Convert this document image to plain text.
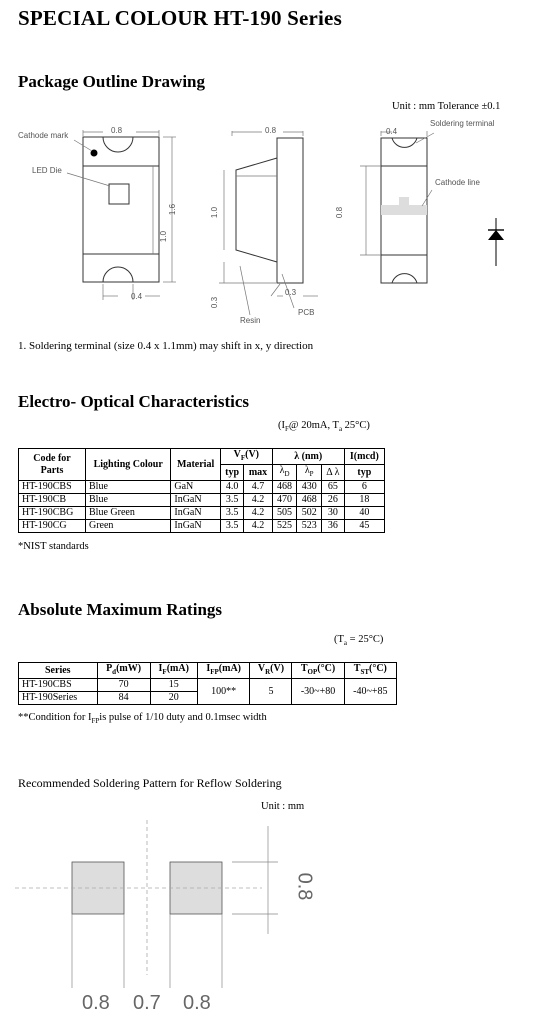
SPECIAL COLOUR HT-190 Series
Package Outline Drawing
Unit : mm Tolerance ±0.1
Cathode mark
LED Die
Soldering terminal
Cathode line
Resin
PCB
0.8	0.8	0.4
1.6
1.0
0.4
1.0
0.3
0.3
0.8
1. Soldering terminal (size 0.4 x 1.1mm) may shift in x, y direction
Electro- Optical Characteristics
($I_F@$ 20mA, $T_a$ 25°C)
Code for Parts	Lighting Colour	Material	$V_F(V)$		λ (nm)			I(mcd)
			typ	max	$\lambda_D$	$\lambda_P$	Δ λ	typ
HT-190CBS	Blue	GaN	4.0	4.7	468	430	65	6
HT-190CB	Blue	InGaN	3.5	4.2	470	468	26	18
HT-190CBG	Blue Green	InGaN	3.5	4.2	505	502	30	40
HT-190CG	Green	InGaN	3.5	4.2	525	523	36	45
*NIST standards
Absolute Maximum Ratings
$(T_a = 25^\circ C)$
Series	$P_d(mW)$	$I_F(mA)$	$I_{FP}(mA)$	$V_R(V)$	$T_{OP}(^\circ C)$	$T_{ST}(^\circ C)$
HT-190CBS	70	15	100**	5	-30~+80	-40~+85
HT-190Series	84	20				
**Condition for $I_{FP}is$ pulse of 1/10 duty and 0.1msec width
Recommended Soldering Pattern for Reflow Soldering
Unit : mm
0.8
0.8 0.7 0.8
